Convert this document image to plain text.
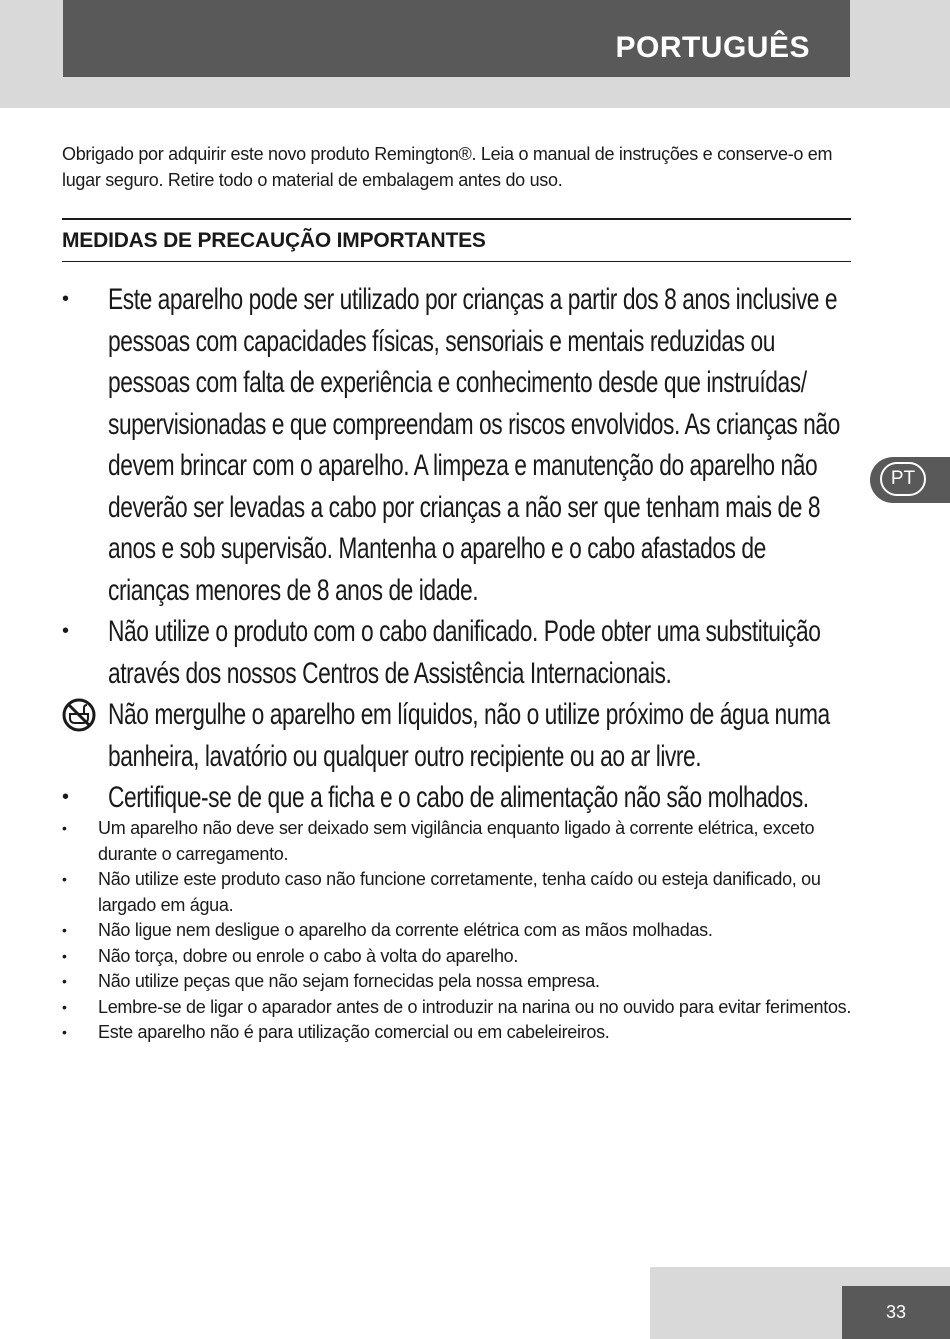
PORTUGUÊS

Obrigado por adquirir este novo produto Remington®. Leia o manual de instruções e conserve-o em lugar seguro. Retire todo o material de embalagem antes do uso.

MEDIDAS DE PRECAUÇÃO IMPORTANTES
• Este aparelho pode ser utilizado por crianças a partir dos 8 anos inclusive e pessoas com capacidades físicas, sensoriais e mentais reduzidas ou pessoas com falta de experiência e conhecimento desde que instruídas/ supervisionadas e que compreendam os riscos envolvidos. As crianças não devem brincar com o aparelho. A limpeza e manutenção do aparelho não deverão ser levadas a cabo por crianças a não ser que tenham mais de 8 anos e sob supervisão. Mantenha o aparelho e o cabo afastados de crianças menores de 8 anos de idade.
• Não utilize o produto com o cabo danificado. Pode obter uma substituição através dos nossos Centros de Assistência Internacionais.
Não mergulhe o aparelho em líquidos, não o utilize próximo de água numa banheira, lavatório ou qualquer outro recipiente ou ao ar livre.
• Certifique-se de que a ficha e o cabo de alimentação não são molhados.
• Um aparelho não deve ser deixado sem vigilância enquanto ligado à corrente elétrica, exceto durante o carregamento.
• Não utilize este produto caso não funcione corretamente, tenha caído ou esteja danificado, ou largado em água.
• Não ligue nem desligue o aparelho da corrente elétrica com as mãos molhadas.
• Não torça, dobre ou enrole o cabo à volta do aparelho.
• Não utilize peças que não sejam fornecidas pela nossa empresa.
• Lembre-se de ligar o aparador antes de o introduzir na narina ou no ouvido para evitar ferimentos.
• Este aparelho não é para utilização comercial ou em cabeleireiros.
PT
33
